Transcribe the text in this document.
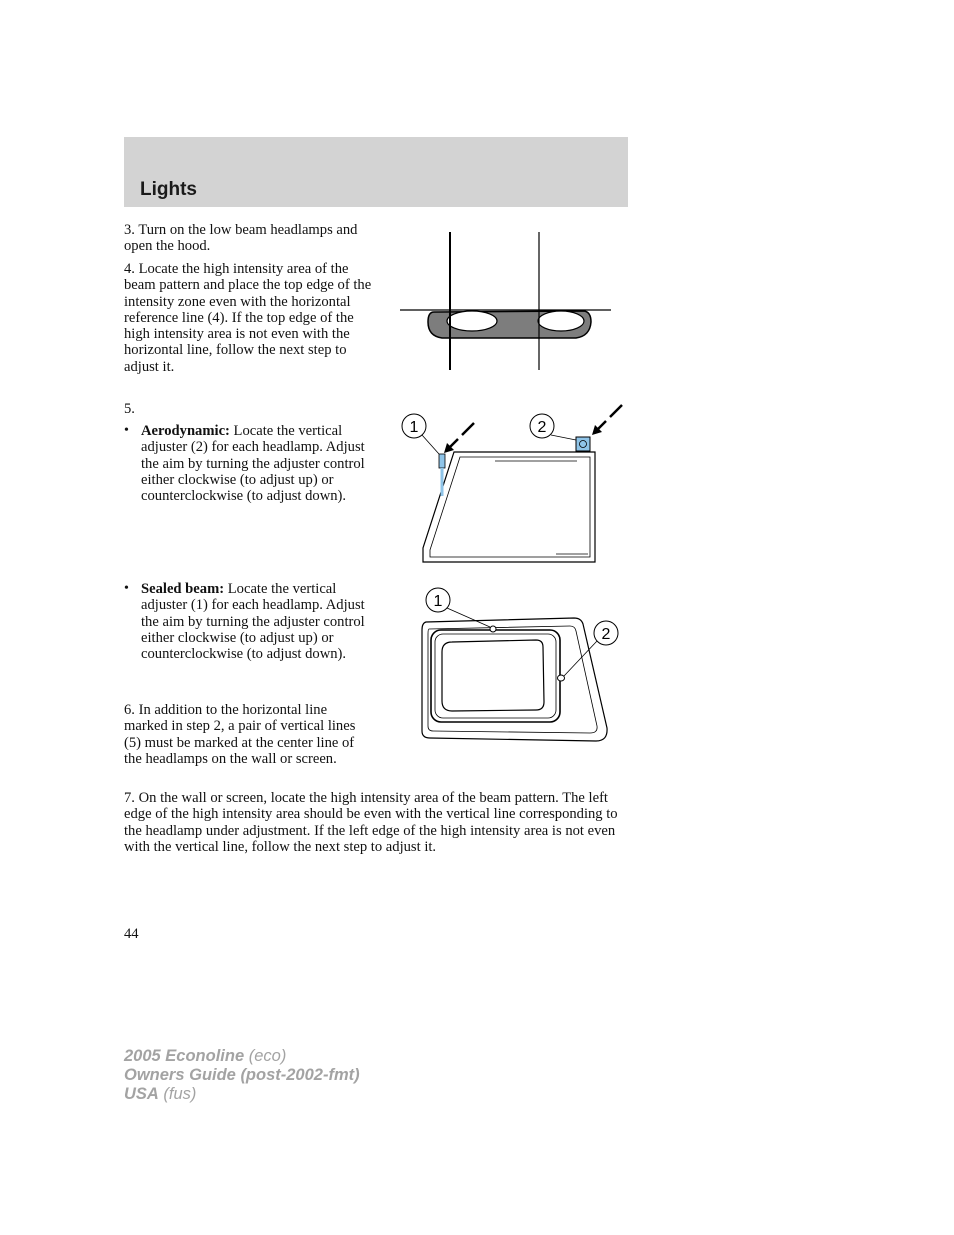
Lights
3. Turn on the low beam headlamps and open the hood.
4. Locate the high intensity area of the beam pattern and place the top edge of the intensity zone even with the horizontal reference line (4). If the top edge of the high intensity area is not even with the horizontal line, follow the next step to adjust it.
5.
• Aerodynamic: Locate the vertical adjuster (2) for each headlamp. Adjust the aim by turning the adjuster control either clockwise (to adjust up) or counterclockwise (to adjust down).
• Sealed beam: Locate the vertical adjuster (1) for each headlamp. Adjust the aim by turning the adjuster control either clockwise (to adjust up) or counterclockwise (to adjust down).
6. In addition to the horizontal line marked in step 2, a pair of vertical lines (5) must be marked at the center line of the headlamps on the wall or screen.
7. On the wall or screen, locate the high intensity area of the beam pattern. The left edge of the high intensity area should be even with the vertical line corresponding to the headlamp under adjustment. If the left edge of the high intensity area is not even with the vertical line, follow the next step to adjust it.
1	2
1
2
44
2005 Econoline (eco)
Owners Guide (post-2002-fmt)
USA (fus)
